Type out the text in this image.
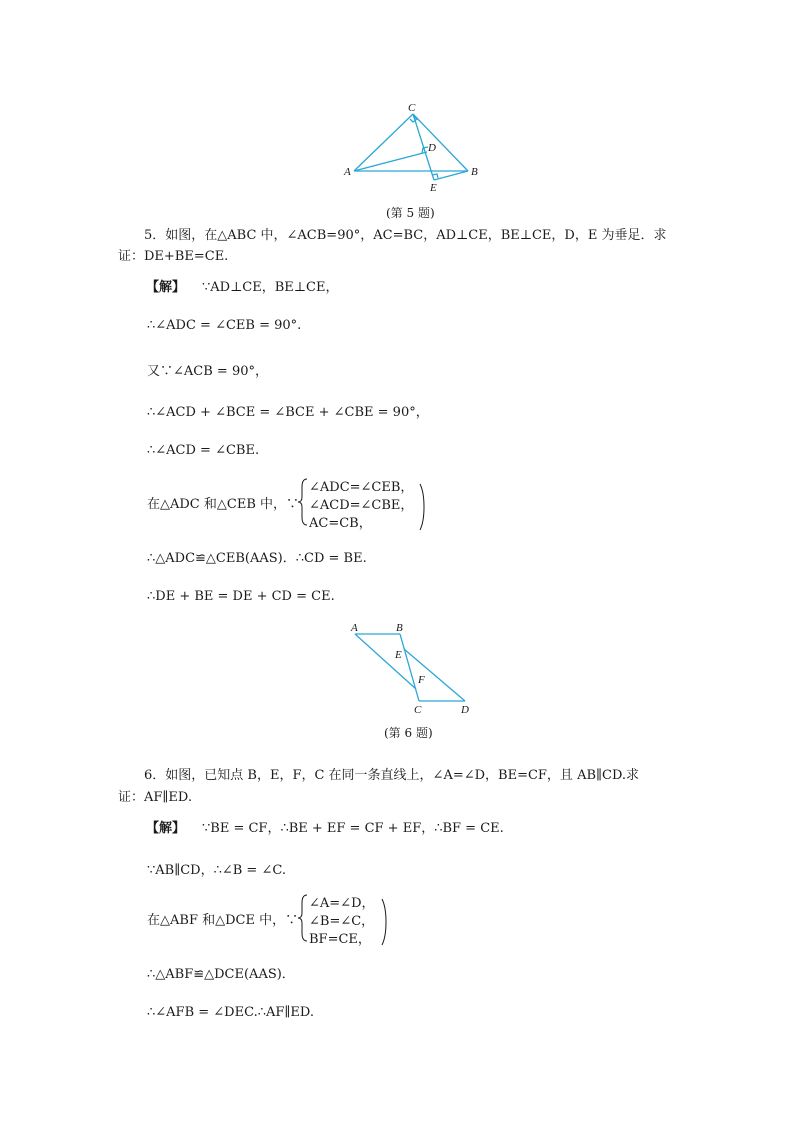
C
D
A	B
E
(第 5 题)
5．如图，在△ABC 中，∠ACB=90°，AC=BC，AD⊥CE，BE⊥CE，D，E 为垂足．求
证：DE+BE=CE.
【解】 ∵AD⊥CE，BE⊥CE，
∴∠ADC = ∠CEB = 90°.
又∵∠ACB = 90°，
∴∠ACD + ∠BCE = ∠BCE + ∠CBE = 90°，
∴∠ACD = ∠CBE.
在△ADC 和△CEB 中，∵
∠ADC=∠CEB，
∠ACD=∠CBE，
AC=CB，
∴△ADC≌△CEB(AAS)．∴CD = BE.
∴DE + BE = DE + CD = CE.
A	B
E
F
C	D
(第 6 题)
6．如图，已知点 B，E，F，C 在同一条直线上，∠A=∠D，BE=CF，且 AB∥CD.求
证：AF∥ED.
【解】 ∵BE = CF，∴BE + EF = CF + EF，∴BF = CE.
∵AB∥CD，∴∠B = ∠C.
在△ABF 和△DCE 中，∵
∠A=∠D，
∠B=∠C，
BF=CE，
∴△ABF≌△DCE(AAS)．
∴∠AFB = ∠DEC.∴AF∥ED.
